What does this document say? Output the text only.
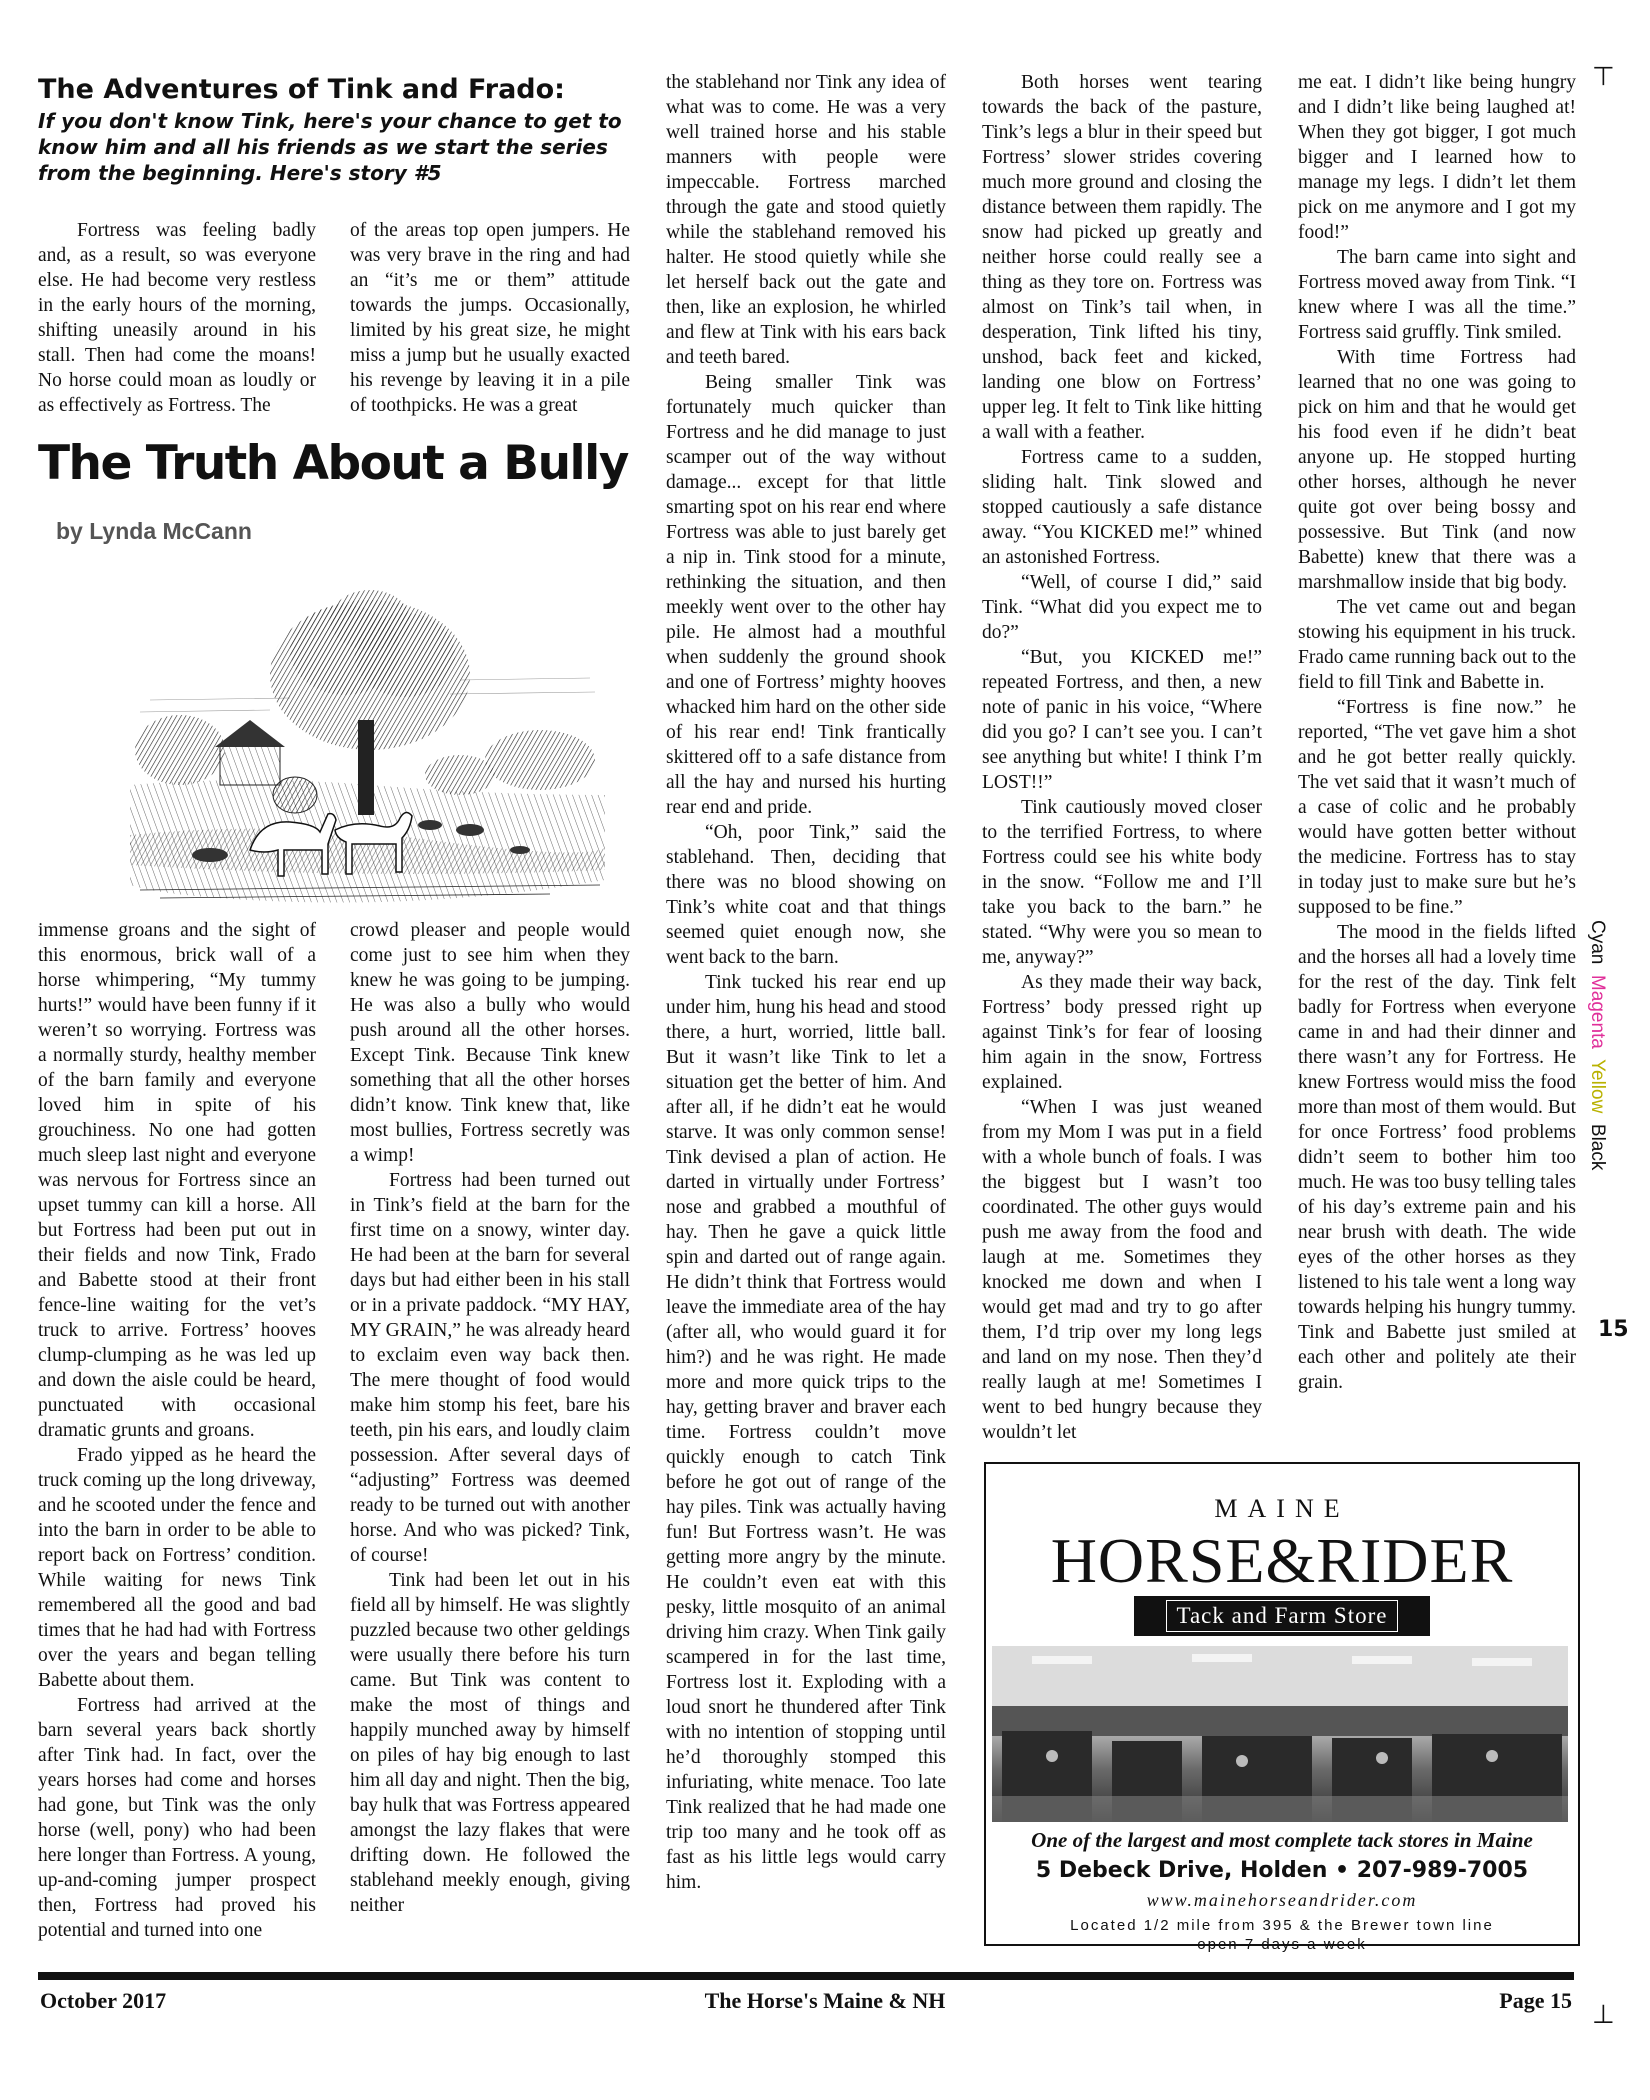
⊤
⊥
The Adventures of Tink and Frado:
If you don't know Tink, here's your chance to get to know him and all his friends as we start the series from the beginning. Here's story #5

Fortress was feeling badly and, as a result, so was everyone else. He had become very restless in the early hours of the morning, shifting uneasily around in his stall. Then had come the moans! No horse could moan as loudly or as effectively as Fortress. The

of the areas top open jumpers. He was very brave in the ring and had an “it’s me or them” attitude towards the jumps. Occasionally, limited by his great size, he might miss a jump but he usually exacted his revenge by leaving it in a pile of toothpicks. He was a great

The Truth About a Bully
by Lynda McCann

immense groans and the sight of this enormous, brick wall of a horse whimpering, “My tummy hurts!” would have been funny if it weren’t so worrying. Fortress was a normally sturdy, healthy member of the barn family and everyone loved him in spite of his grouchiness. No one had gotten much sleep last night and everyone was nervous for Fortress since an upset tummy can kill a horse. All but Fortress had been put out in their fields and now Tink, Frado and Babette stood at their front fence-line waiting for the vet’s truck to arrive. Fortress’ hooves clump-clumping as he was led up and down the aisle could be heard, punctuated with occasional dramatic grunts and groans.

Frado yipped as he heard the truck coming up the long driveway, and he scooted under the fence and into the barn in order to be able to report back on Fortress’ condition. While waiting for news Tink remembered all the good and bad times that he had had with Fortress over the years and began telling Babette about them.

Fortress had arrived at the barn several years back shortly after Tink had. In fact, over the years horses had come and horses had gone, but Tink was the only horse (well, pony) who had been here longer than Fortress. A young, up-and-coming jumper prospect then, Fortress had proved his potential and turned into one

crowd pleaser and people would come just to see him when they knew he was going to be jumping. He was also a bully who would push around all the other horses. Except Tink. Because Tink knew something that all the other horses didn’t know. Tink knew that, like most bullies, Fortress secretly was a wimp!

Fortress had been turned out in Tink’s field at the barn for the first time on a snowy, winter day. He had been at the barn for several days but had either been in his stall or in a private paddock. “MY HAY, MY GRAIN,” he was already heard to exclaim even way back then. The mere thought of food would make him stomp his feet, bare his teeth, pin his ears, and loudly claim possession. After several days of “adjusting” Fortress was deemed ready to be turned out with another horse. And who was picked? Tink, of course!

Tink had been let out in his field all by himself. He was slightly puzzled because two other geldings were usually there before his turn came. But Tink was content to make the most of things and happily munched away by himself on piles of hay big enough to last him all day and night. Then the big, bay hulk that was Fortress appeared amongst the lazy flakes that were drifting down. He followed the stablehand meekly enough, giving neither

the stablehand nor Tink any idea of what was to come. He was a very well trained horse and his stable manners with people were impeccable. Fortress marched through the gate and stood quietly while the stablehand removed his halter. He stood quietly while she let herself back out the gate and then, like an explosion, he whirled and flew at Tink with his ears back and teeth bared.

Being smaller Tink was fortunately much quicker than Fortress and he did manage to just scamper out of the way without damage... except for that little smarting spot on his rear end where Fortress was able to just barely get a nip in. Tink stood for a minute, rethinking the situation, and then meekly went over to the other hay pile. He almost had a mouthful when suddenly the ground shook and one of Fortress’ mighty hooves whacked him hard on the other side of his rear end! Tink frantically skittered off to a safe distance from all the hay and nursed his hurting rear end and pride.

“Oh, poor Tink,” said the stablehand. Then, deciding that there was no blood showing on Tink’s white coat and that things seemed quiet enough now, she went back to the barn.

Tink tucked his rear end up under him, hung his head and stood there, a hurt, worried, little ball. But it wasn’t like Tink to let a situation get the better of him. And after all, if he didn’t eat he would starve. It was only common sense! Tink devised a plan of action. He darted in virtually under Fortress’ nose and grabbed a mouthful of hay. Then he gave a quick little spin and darted out of range again. He didn’t think that Fortress would leave the immediate area of the hay (after all, who would guard it for him?) and he was right. He made more and more quick trips to the hay, getting braver and braver each time. Fortress couldn’t move quickly enough to catch Tink before he got out of range of the hay piles. Tink was actually having fun! But Fortress wasn’t. He was getting more angry by the minute. He couldn’t even eat with this pesky, little mosquito of an animal driving him crazy. When Tink gaily scampered in for the last time, Fortress lost it. Exploding with a loud snort he thundered after Tink with no intention of stopping until he’d thoroughly stomped this infuriating, white menace. Too late Tink realized that he had made one trip too many and he took off as fast as his little legs would carry him.

Both horses went tearing towards the back of the pasture, Tink’s legs a blur in their speed but Fortress’ slower strides covering much more ground and closing the distance between them rapidly. The snow had picked up greatly and neither horse could really see a thing as they tore on. Fortress was almost on Tink’s tail when, in desperation, Tink lifted his tiny, unshod, back feet and kicked, landing one blow on Fortress’ upper leg. It felt to Tink like hitting a wall with a feather.

Fortress came to a sudden, sliding halt. Tink slowed and stopped cautiously a safe distance away. “You KICKED me!” whined an astonished Fortress.

“Well, of course I did,” said Tink. “What did you expect me to do?”

“But, you KICKED me!” repeated Fortress, and then, a new note of panic in his voice, “Where did you go? I can’t see you. I can’t see anything but white! I think I’m LOST!!”

Tink cautiously moved closer to the terrified Fortress, to where Fortress could see his white body in the snow. “Follow me and I’ll take you back to the barn.” he stated. “Why were you so mean to me, anyway?”

As they made their way back, Fortress’ body pressed right up against Tink’s for fear of loosing him again in the snow, Fortress explained.

“When I was just weaned from my Mom I was put in a field with a whole bunch of foals. I was the biggest but I wasn’t too coordinated. The other guys would push me away from the food and laugh at me. Sometimes they knocked me down and when I would get mad and try to go after them, I’d trip over my long legs and land on my nose. Then they’d really laugh at me! Sometimes I went to bed hungry because they wouldn’t let

me eat. I didn’t like being hungry and I didn’t like being laughed at! When they got bigger, I got much bigger and I learned how to manage my legs. I didn’t let them pick on me anymore and I got my food!”

The barn came into sight and Fortress moved away from Tink. “I knew where I was all the time.” Fortress said gruffly. Tink smiled.

With time Fortress had learned that no one was going to pick on him and that he would get his food even if he didn’t beat anyone up. He stopped hurting other horses, although he never quite got over being bossy and possessive. But Tink (and now Babette) knew that there was a marshmallow inside that big body.

The vet came out and began stowing his equipment in his truck. Frado came running back out to the field to fill Tink and Babette in.

“Fortress is fine now.” he reported, “The vet gave him a shot and he got better really quickly. The vet said that it wasn’t much of a case of colic and he probably would have gotten better without the medicine. Fortress has to stay in today just to make sure but he’s supposed to be fine.”

The mood in the fields lifted and the horses all had a lovely time for the rest of the day. Tink felt badly for Fortress when everyone came in and had their dinner and there wasn’t any for Fortress. He knew Fortress would miss the food more than most of them would. But for once Fortress’ food problems didn’t seem to bother him too much. He was too busy telling tales of his day’s extreme pain and his near brush with death. The wide eyes of the other horses as they listened to his tale went a long way towards helping his hungry tummy. Tink and Babette just smiled at each other and politely ate their grain.

MAINE
HORSE&RIDER
Tack and Farm Store
One of the largest and most complete tack stores in Maine
5 Debeck Drive, Holden • 207-989-7005
www.mainehorseandrider.com
Located 1/2 mile from 395 & the Brewer town line
open 7 days a week
Cyan  Magenta  Yellow  Black
15
October 2017	The Horse's Maine & NH	Page 15
